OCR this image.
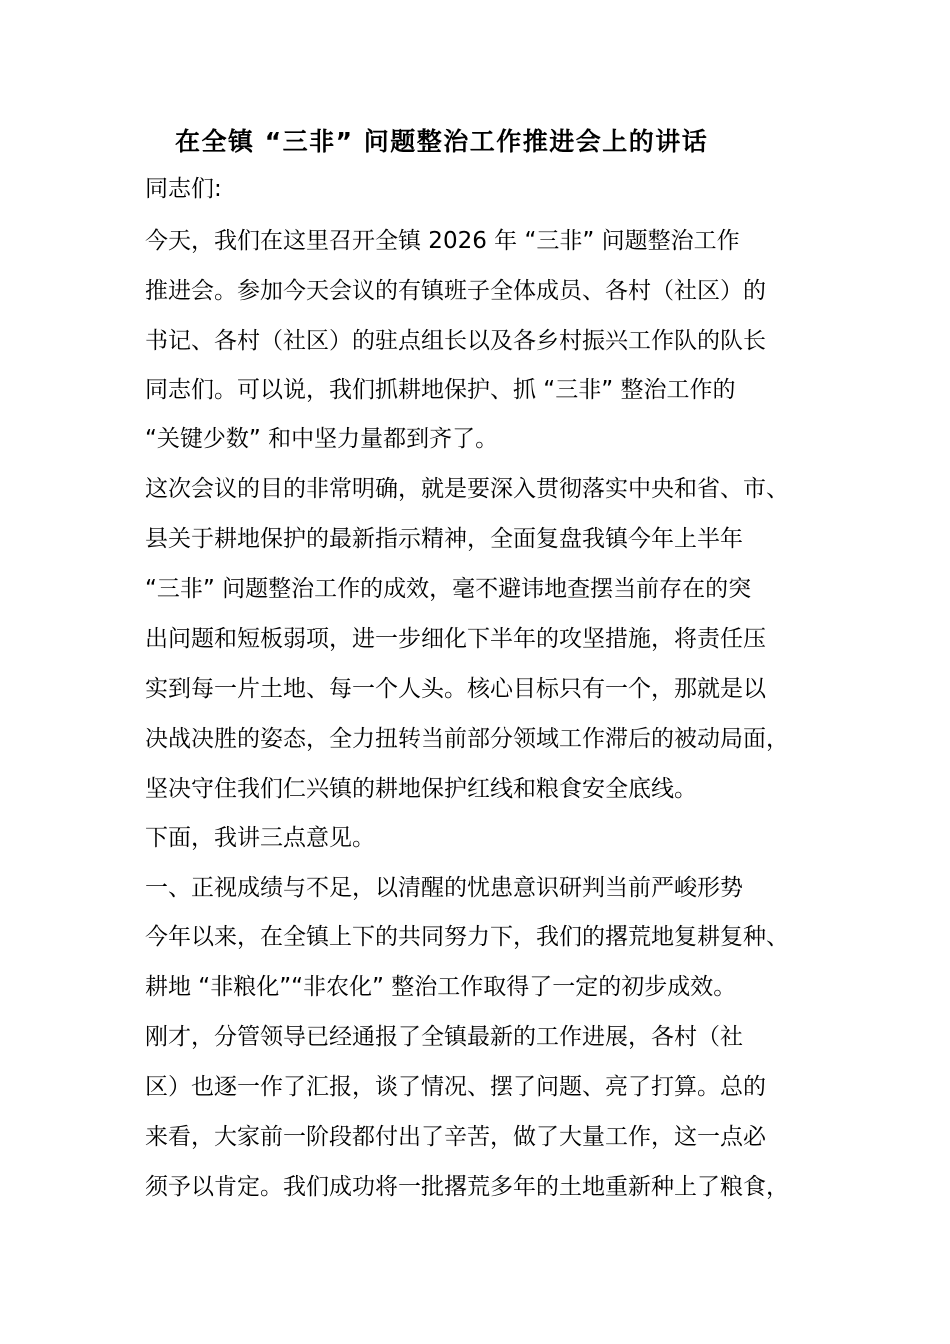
在全镇 “三非” 问题整治工作推进会上的讲话

同志们:

今天，我们在这里召开全镇 2026 年 “三非” 问题整治工作

推进会。参加今天会议的有镇班子全体成员、各村（社区）的

书记、各村（社区）的驻点组长以及各乡村振兴工作队的队长

同志们。可以说，我们抓耕地保护、抓 “三非” 整治工作的

“关键少数” 和中坚力量都到齐了。

这次会议的目的非常明确，就是要深入贯彻落实中央和省、市、

县关于耕地保护的最新指示精神，全面复盘我镇今年上半年

“三非” 问题整治工作的成效，毫不避讳地查摆当前存在的突

出问题和短板弱项，进一步细化下半年的攻坚措施，将责任压

实到每一片土地、每一个人头。核心目标只有一个，那就是以

决战决胜的姿态，全力扭转当前部分领域工作滞后的被动局面，

坚决守住我们仁兴镇的耕地保护红线和粮食安全底线。

下面，我讲三点意见。

一、正视成绩与不足，以清醒的忧患意识研判当前严峻形势

今年以来，在全镇上下的共同努力下，我们的撂荒地复耕复种、

耕地 “非粮化”“非农化” 整治工作取得了一定的初步成效。

刚才，分管领导已经通报了全镇最新的工作进展，各村（社

区）也逐一作了汇报，谈了情况、摆了问题、亮了打算。总的

来看，大家前一阶段都付出了辛苦，做了大量工作，这一点必

须予以肯定。我们成功将一批撂荒多年的土地重新种上了粮食，
